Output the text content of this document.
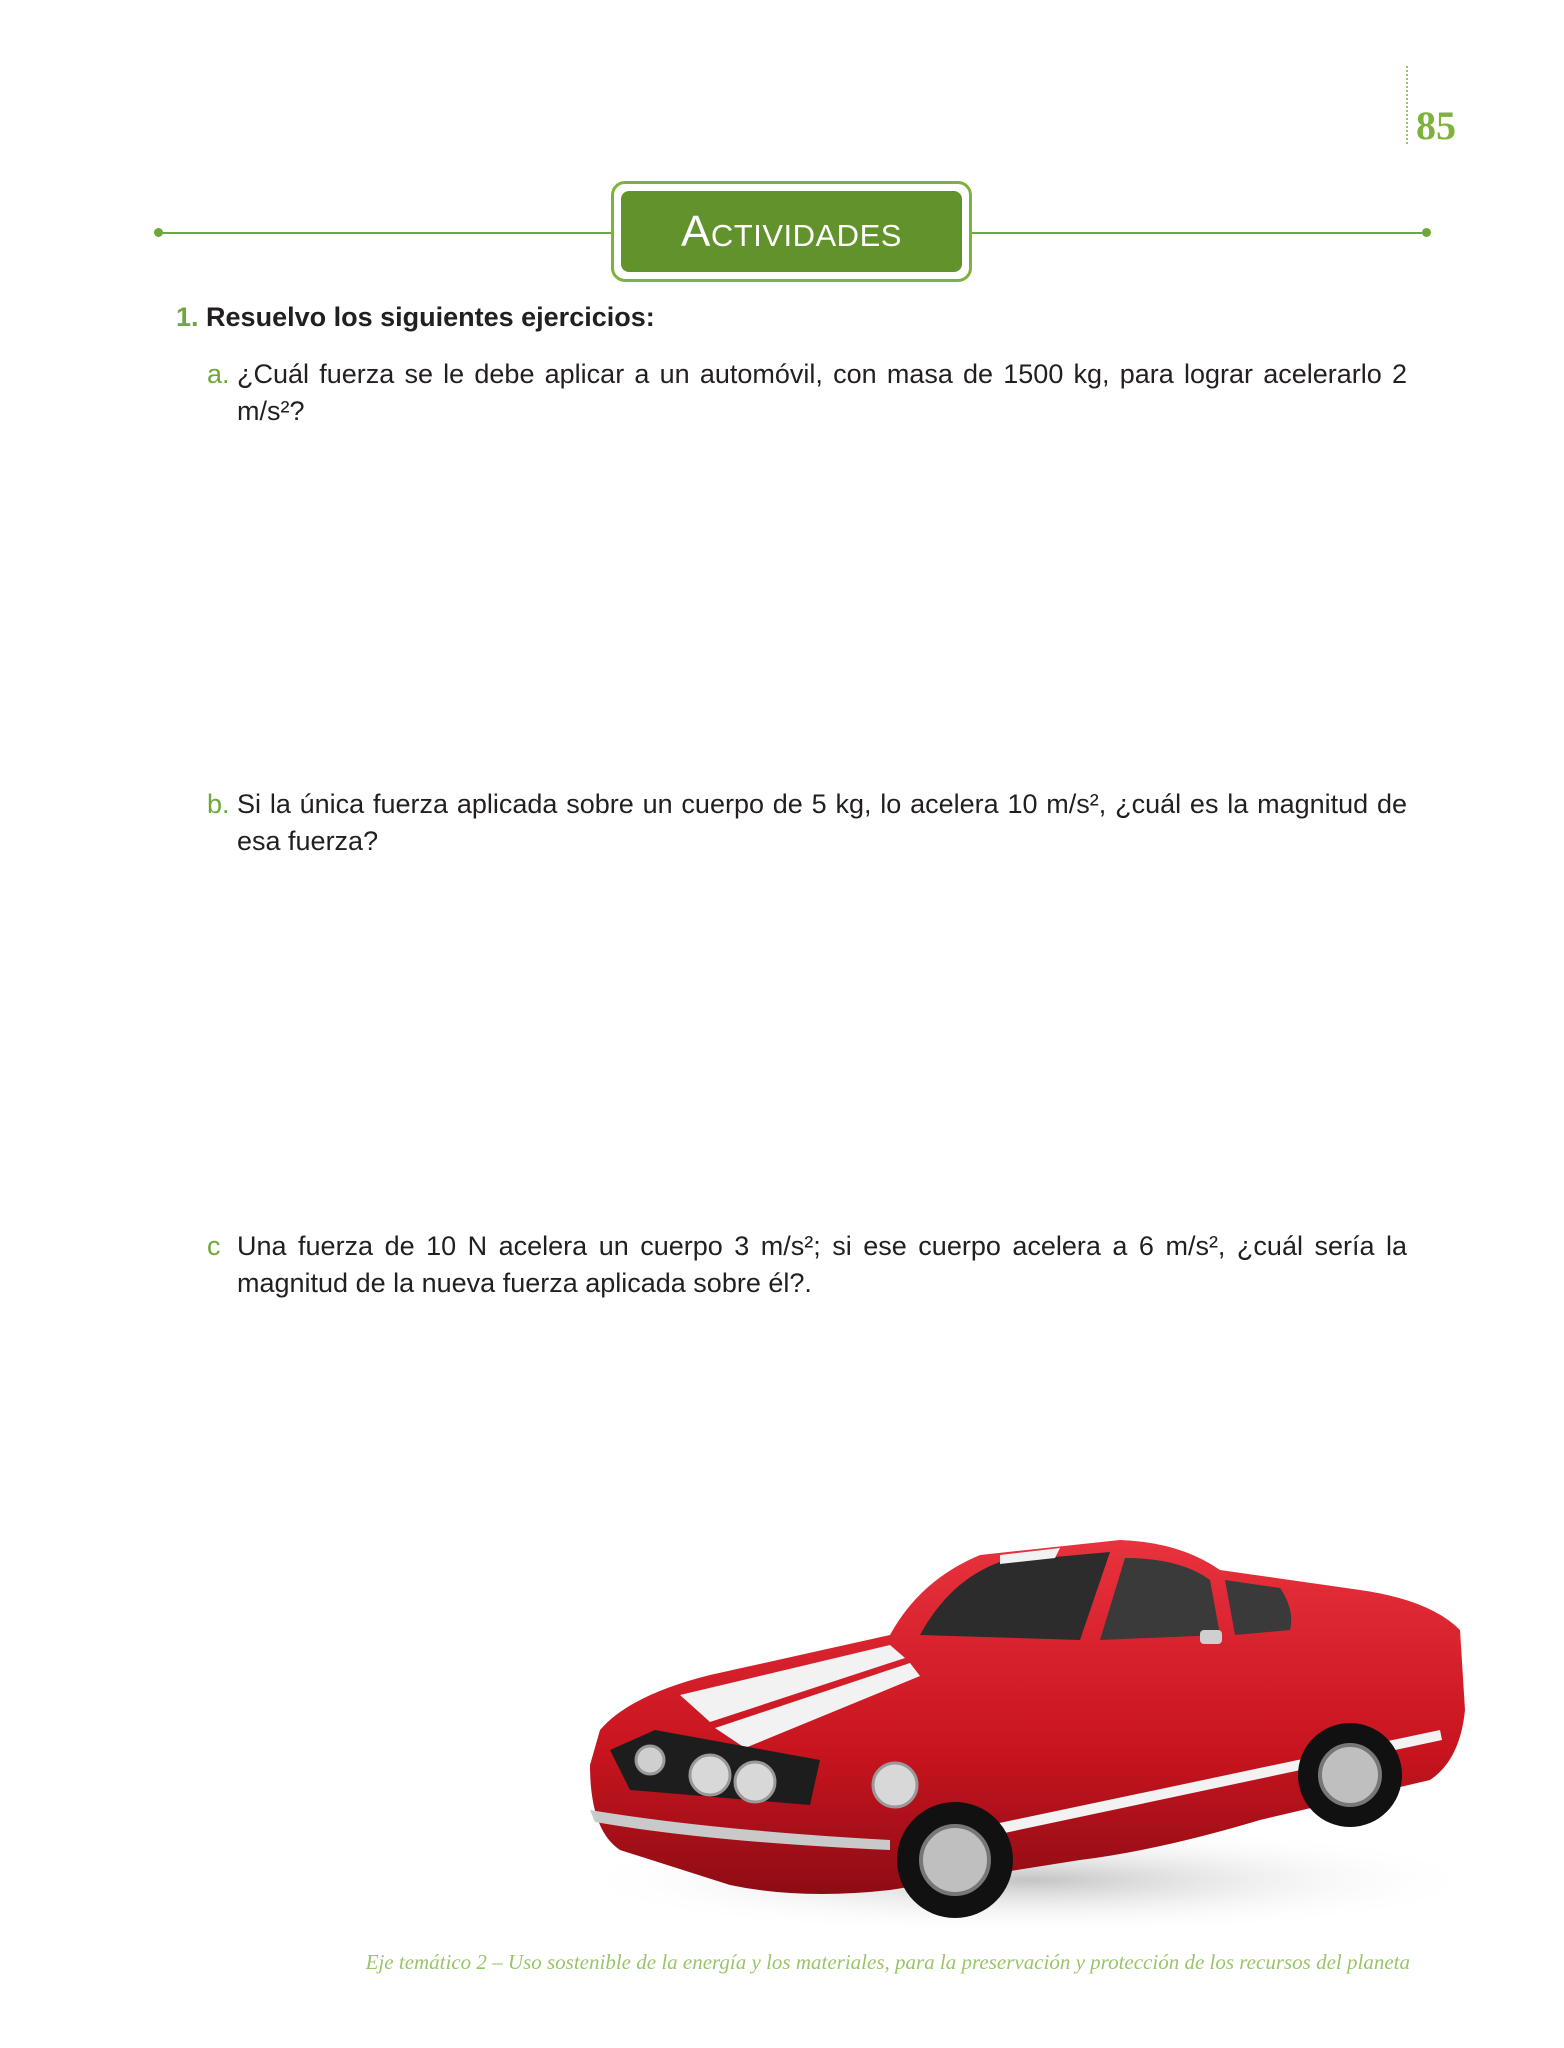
85
Actividades
1. Resuelvo los siguientes ejercicios:
a. ¿Cuál fuerza se le debe aplicar a un automóvil, con masa de 1500 kg, para lograr acelerarlo 2 m/s²?
b. Si la única fuerza aplicada sobre un cuerpo de 5 kg, lo acelera 10 m/s², ¿cuál es la magnitud de esa fuerza?
c Una fuerza de 10 N acelera un cuerpo 3 m/s²; si ese cuerpo acelera a 6 m/s², ¿cuál sería la magnitud de la nueva fuerza aplicada sobre él?.
Eje temático 2 – Uso sostenible de la energía y los materiales, para la preservación y protección de los recursos del planeta
